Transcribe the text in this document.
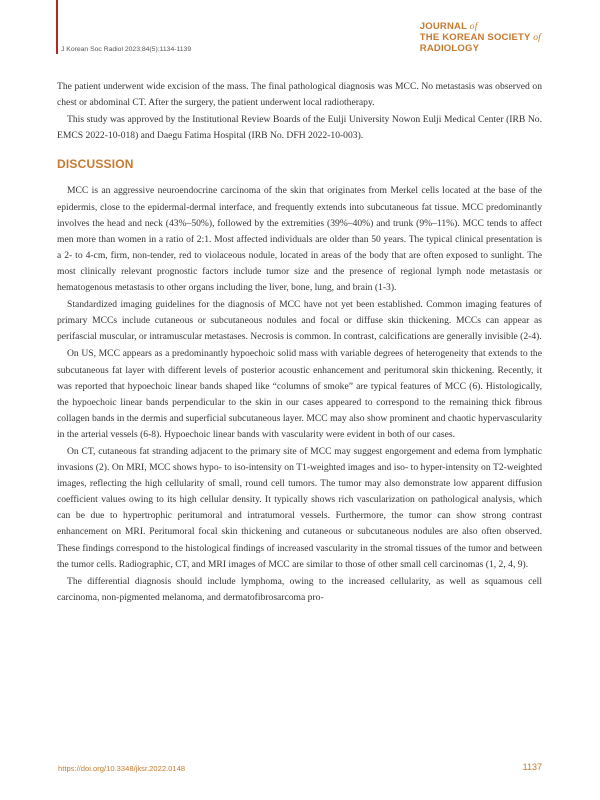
J Korean Soc Radiol 2023;84(5):1134-1139
JOURNAL of
THE KOREAN SOCIETY of
RADIOLOGY

The patient underwent wide excision of the mass. The final pathological diagnosis was MCC. No metastasis was observed on chest or abdominal CT. After the surgery, the patient underwent local radiotherapy.

This study was approved by the Institutional Review Boards of the Eulji University Nowon Eulji Medical Center (IRB No. EMCS 2022-10-018) and Daegu Fatima Hospital (IRB No. DFH 2022-10-003).

DISCUSSION

MCC is an aggressive neuroendocrine carcinoma of the skin that originates from Merkel cells located at the base of the epidermis, close to the epidermal-dermal interface, and frequently extends into subcutaneous fat tissue. MCC predominantly involves the head and neck (43%–50%), followed by the extremities (39%–40%) and trunk (9%–11%). MCC tends to affect men more than women in a ratio of 2:1. Most affected individuals are older than 50 years. The typical clinical presentation is a 2- to 4-cm, firm, non-tender, red to violaceous nodule, located in areas of the body that are often exposed to sunlight. The most clinically relevant prognostic factors include tumor size and the presence of regional lymph node metastasis or hematogenous metastasis to other organs including the liver, bone, lung, and brain (1-3).

Standardized imaging guidelines for the diagnosis of MCC have not yet been established. Common imaging features of primary MCCs include cutaneous or subcutaneous nodules and focal or diffuse skin thickening. MCCs can appear as perifascial muscular, or intramuscular metastases. Necrosis is common. In contrast, calcifications are generally invisible (2-4).

On US, MCC appears as a predominantly hypoechoic solid mass with variable degrees of heterogeneity that extends to the subcutaneous fat layer with different levels of posterior acoustic enhancement and peritumoral skin thickening. Recently, it was reported that hypoechoic linear bands shaped like “columns of smoke” are typical features of MCC (6). Histologically, the hypoechoic linear bands perpendicular to the skin in our cases appeared to correspond to the remaining thick fibrous collagen bands in the dermis and superficial subcutaneous layer. MCC may also show prominent and chaotic hypervascularity in the arterial vessels (6-8). Hypoechoic linear bands with vascularity were evident in both of our cases.

On CT, cutaneous fat stranding adjacent to the primary site of MCC may suggest engorgement and edema from lymphatic invasions (2). On MRI, MCC shows hypo- to iso-intensity on T1-weighted images and iso- to hyper-intensity on T2-weighted images, reflecting the high cellularity of small, round cell tumors. The tumor may also demonstrate low apparent diffusion coefficient values owing to its high cellular density. It typically shows rich vascularization on pathological analysis, which can be due to hypertrophic peritumoral and intratumoral vessels. Furthermore, the tumor can show strong contrast enhancement on MRI. Peritumoral focal skin thickening and cutaneous or subcutaneous nodules are also often observed. These findings correspond to the histological findings of increased vascularity in the stromal tissues of the tumor and between the tumor cells. Radiographic, CT, and MRI images of MCC are similar to those of other small cell carcinomas (1, 2, 4, 9).

The differential diagnosis should include lymphoma, owing to the increased cellularity, as well as squamous cell carcinoma, non-pigmented melanoma, and dermatofibrosarcoma pro-

https://doi.org/10.3348/jksr.2022.0148	1137
